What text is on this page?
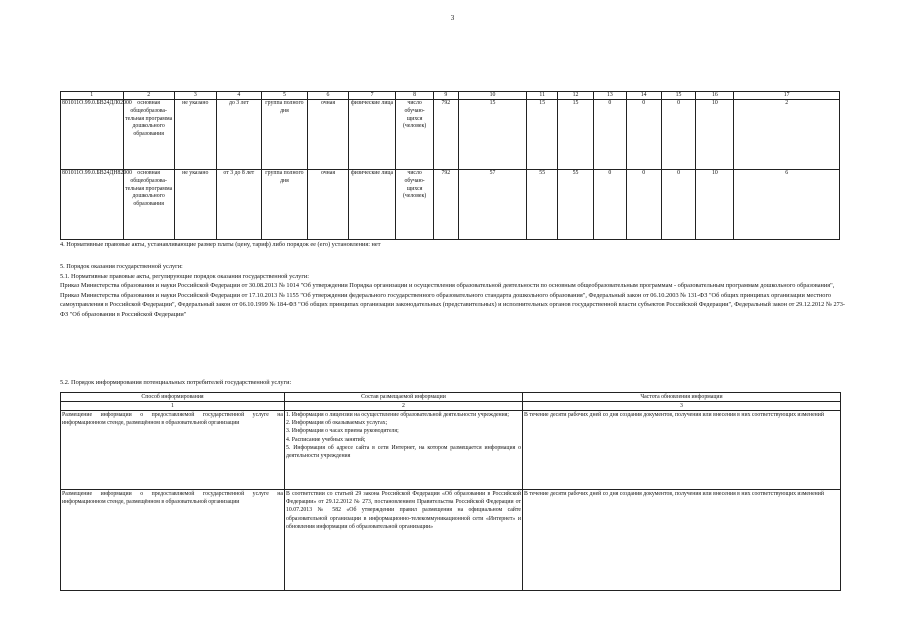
3
1	2	3	4	5	6	7	8	9	10	11	12	13	14	15	16	17
801011О.99.0.БВ24ДЛ02000	основная общеобразова-тельная программа дошкольного образования	не указано	до 3 лет	группа полного дня	очная	физические лица	число обучаю-щихся (человек)	792	15	15	15	0	0	0	10	2
801011О.99.0.БВ24ДН82000	основная общеобразова-тельная программа дошкольного образования	не указано	от 3 до 8 лет	группа полного дня	очная	физические лица	число обучаю-щихся (человек)	792	57	55	55	0	0	0	10	6
4. Нормативные правовые акты, устанавливающие размер платы (цену, тариф) либо порядок ее (его) установления: нет
5. Порядок оказания государственной услуги:
5.1. Нормативные правовые акты, регулирующие порядок оказания государственной услуги:
Приказ Министерства образования и науки Российской Федерации от 30.08.2013 № 1014 "Об утверждении Порядка организации и осуществления образовательной деятельности по основным общеобразовательным программам - образовательным программам дошкольного образования", Приказ Министерства образования и науки Российской Федерации от 17.10.2013 № 1155 "Об утверждении федерального государственного образовательного стандарта дошкольного образования", Федеральный закон от 06.10.2003 № 131-ФЗ "Об общих принципах организации местного самоуправления в Российской Федерации", Федеральный закон от 06.10.1999 № 184-ФЗ "Об общих принципах организации законодательных (представительных) и исполнительных органов государственной власти субъектов Российской Федерации", Федеральный закон от 29.12.2012 № 273-ФЗ "Об образовании в Российской Федерации"
5.2. Порядок информирования потенциальных потребителей государственной услуги:
Способ информирования	Состав размещаемой информации	Частота обновления информации
1	2	3
Размещение информации о предоставляемой государственной услуге на информационном стенде, размещённом в образовательной организации	1. Информация о лицензии на осуществление образовательной деятельности учреждения;
2. Информация об оказываемых услугах;
3. Информация о часах приема руководителя;
4. Расписание учебных занятий;
5. Информация об адресе сайта в сети Интернет, на котором размещается информация о деятельности учреждения	В течение десяти рабочих дней со дня создания документов, получения или внесения в них соответствующих изменений
Размещение информации о предоставляемой государственной услуге на информационном стенде, размещённом в образовательной организации	В соответствии со статьей 29 закона Российской Федерации «Об образовании в Российской Федерации» от 29.12.2012 № 273, постановлением Правительства Российской Федерации от 10.07.2013 № 582 «Об утверждении правил размещения на официальном сайте образовательной организации в информационно-телекоммуникационной сети «Интернет» и обновления информации об образовательной организации»	В течение десяти рабочих дней со дня создания документов, получения или внесения в них соответствующих изменений
